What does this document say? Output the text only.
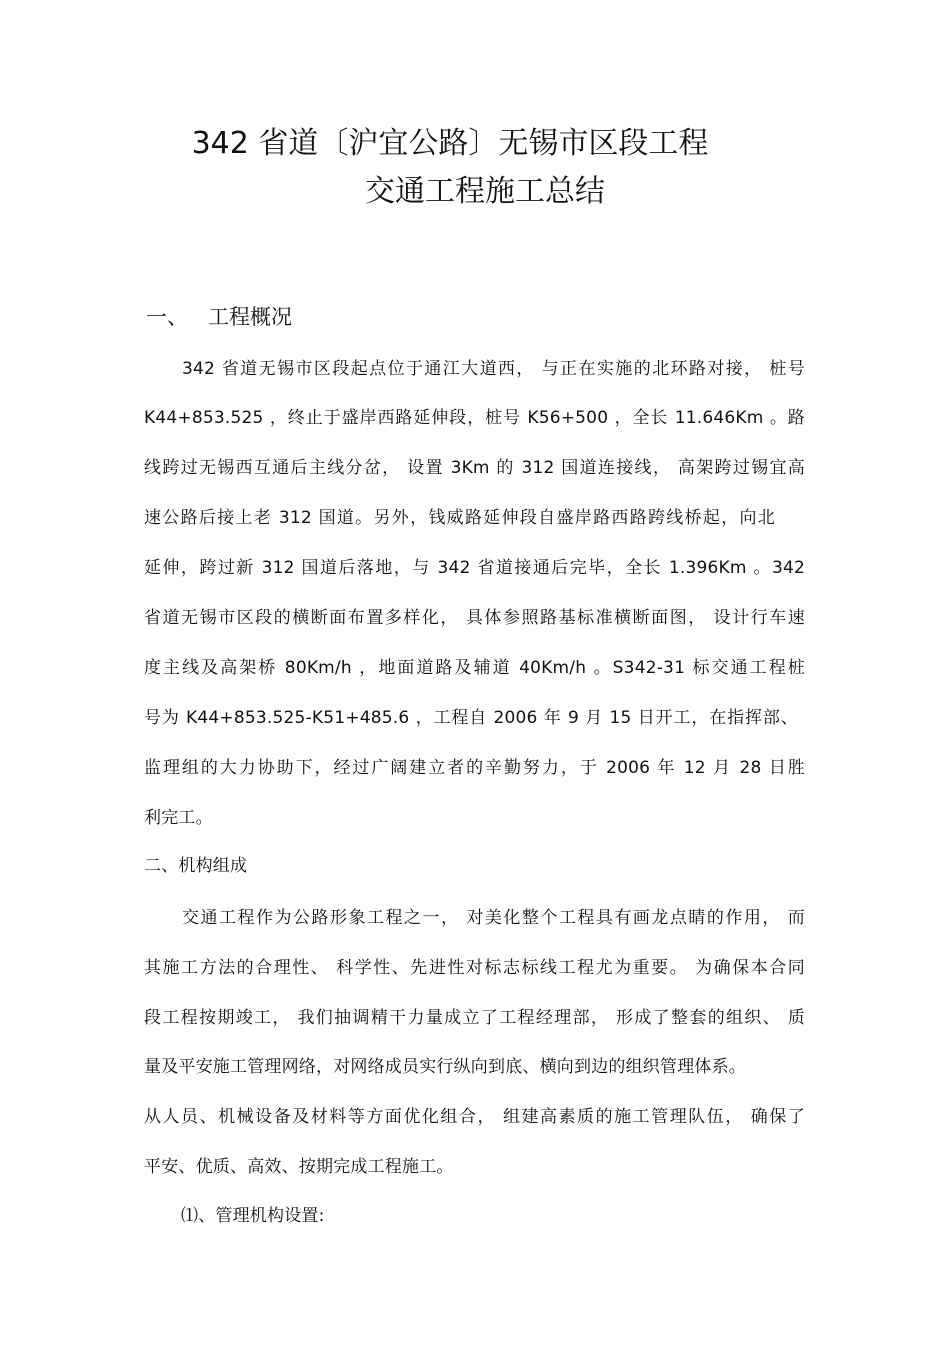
342 省道〔沪宜公路〕无锡市区段工程
交通工程施工总结
一、 工程概况
342 省道无锡市区段起点位于通江大道西， 与正在实施的北环路对接， 桩号
K44+853.525 ，终止于盛岸西路延伸段，桩号 K56+500 ，全长 11.646Km 。路
线跨过无锡西互通后主线分岔， 设置 3Km 的 312 国道连接线， 高架跨过锡宜高
速公路后接上老 312 国道。另外，钱威路延伸段自盛岸路西路跨线桥起，向北
延伸，跨过新 312 国道后落地，与 342 省道接通后完毕，全长 1.396Km 。342
省道无锡市区段的横断面布置多样化， 具体参照路基标准横断面图， 设计行车速
度主线及高架桥 80Km/h ，地面道路及辅道 40Km/h 。S342-31 标交通工程桩
号为 K44+853.525-K51+485.6 ，工程自 2006 年 9 月 15 日开工，在指挥部、
监理组的大力协助下，经过广阔建立者的辛勤努力，于 2006 年 12 月 28 日胜
利完工。
二、机构组成
交通工程作为公路形象工程之一， 对美化整个工程具有画龙点睛的作用， 而
其施工方法的合理性、 科学性、先进性对标志标线工程尤为重要。 为确保本合同
段工程按期竣工， 我们抽调精干力量成立了工程经理部， 形成了整套的组织、 质
量及平安施工管理网络，对网络成员实行纵向到底、横向到边的组织管理体系。
从人员、机械设备及材料等方面优化组合， 组建高素质的施工管理队伍， 确保了
平安、优质、高效、按期完成工程施工。
⑴、管理机构设置:
